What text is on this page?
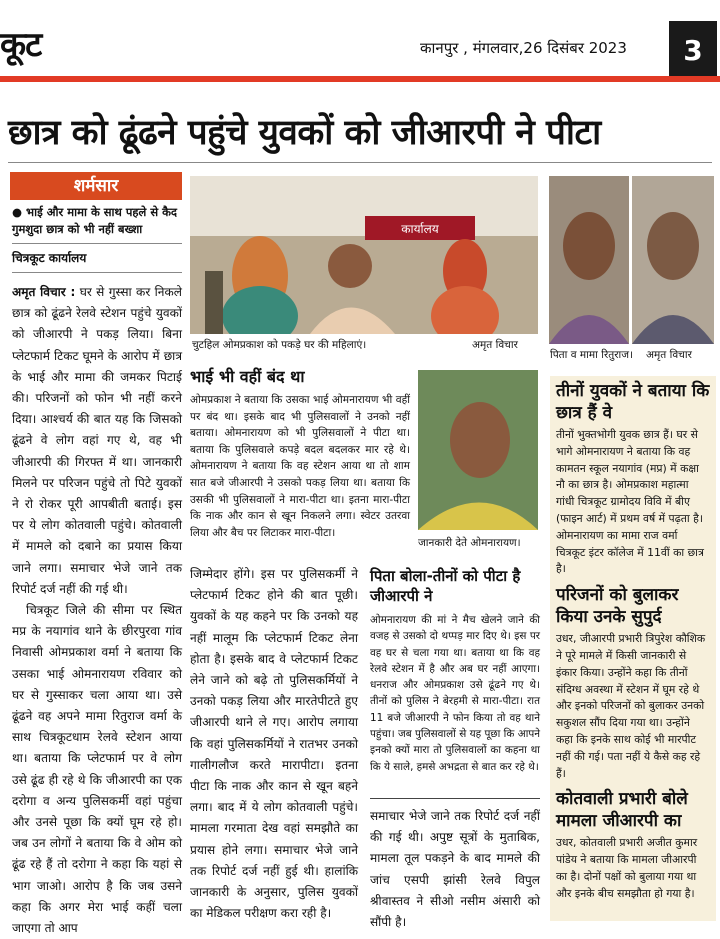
कूट	कानपुर , मंगलवार,26 दिसंबर 2023	3
छात्र को ढूंढने पहुंचे युवकों को जीआरपी ने पीटा
शर्मसार
● भाई और मामा के साथ पहले से कैद गुमशुदा छात्र को भी नहीं बख्शा
चित्रकूट कार्यालय

अमृत विचार : घर से गुस्सा कर निकले छात्र को ढूंढने रेलवे स्टेशन पहुंचे युवकों को जीआरपी ने पकड़ लिया। बिना प्लेटफार्म टिकट घूमने के आरोप में छात्र के भाई और मामा की जमकर पिटाई की। परिजनों को फोन भी नहीं करने दिया। आश्चर्य की बात यह कि जिसको ढूंढने वे लोग वहां गए थे, वह भी जीआरपी की गिरफ्त में था। जानकारी मिलने पर परिजन पहुंचे तो पिटे युवकों ने रो रोकर पूरी आपबीती बताई। इस पर ये लोग कोतवाली पहुंचे। कोतवाली में मामले को दबाने का प्रयास किया जाने लगा। समाचार भेजे जाने तक रिपोर्ट दर्ज नहीं की गई थी।

चित्रकूट जिले की सीमा पर स्थित मप्र के नयागांव थाने के छीरपुरवा गांव निवासी ओमप्रकाश वर्मा ने बताया कि उसका भाई ओमनारायण रविवार को घर से गुस्साकर चला आया था। उसे ढूंढने वह अपने मामा रितुराज वर्मा के साथ चित्रकूटधाम रेलवे स्टेशन आया था। बताया कि प्लेटफार्म पर वे लोग उसे ढूंढ ही रहे थे कि जीआरपी का एक दरोगा व अन्य पुलिसकर्मी वहां पहुंचा और उनसे पूछा कि क्यों घूम रहे हो। जब उन लोगों ने बताया कि वे ओम को ढूंढ रहे हैं तो दरोगा ने कहा कि यहां से भाग जाओ। आरोप है कि जब उसने कहा कि अगर मेरा भाई कहीं चला जाएगा तो आप

कार्यालय
चुटहिल ओमप्रकाश को पकड़े घर की महिलाएं।	अमृत विचार
पिता व मामा रितुराज। अमृत विचार
भाई भी वहीं बंद था
ओमप्रकाश ने बताया कि उसका भाई ओमनारायण भी वहीं पर बंद था। इसके बाद भी पुलिसवालों ने उनको नहीं बताया। ओमनारायण को भी पुलिसवालों ने पीटा था। बताया कि पुलिसवाले कपड़े बदल बदलकर मार रहे थे। ओमनारायण ने बताया कि वह स्टेशन आया था तो शाम सात बजे जीआरपी ने उसको पकड़ लिया था। बताया कि उसकी भी पुलिसवालों ने मारा-पीटा था। इतना मारा-पीटा कि नाक और कान से खून निकलने लगा। स्वेटर उतरवा लिया और बैच पर लिटाकर मारा-पीटा।
जानकारी देते ओमनारायण।
जिम्मेदार होंगे। इस पर पुलिसकर्मी ने प्लेटफार्म टिकट होने की बात पूछी। युवकों के यह कहने पर कि उनको यह नहीं मालूम कि प्लेटफार्म टिकट लेना होता है। इसके बाद वे प्लेटफार्म टिकट लेने जाने को बढ़े तो पुलिसकर्मियों ने उनको पकड़ लिया और मारतेपीटते हुए जीआरपी थाने ले गए। आरोप लगाया कि वहां पुलिसकर्मियों ने रातभर उनको गालीगलौज करते मारापीटा। इतना पीटा कि नाक और कान से खून बहने लगा। बाद में ये लोग कोतवाली पहुंचे। मामला गरमाता देख वहां समझौते का प्रयास होने लगा। समाचार भेजे जाने तक रिपोर्ट दर्ज नहीं हुई थी। हालांकि जानकारी के अनुसार, पुलिस युवकों का मेडिकल परीक्षण करा रही है।
पिता बोला-तीनों को पीटा है जीआरपी ने
ओमनारायण की मां ने मैच खेलने जाने की वजह से उसको दो थप्पड़ मार दिए थे। इस पर वह घर से चला गया था। बताया था कि वह रेलवे स्टेशन में है और अब घर नहीं आएगा। धनराज और ओमप्रकाश उसे ढूंढने गए थे। तीनों को पुलिस ने बेरहमी से मारा-पीटा। रात 11 बजे जीआरपी ने फोन किया तो वह थाने पहुंचा। जब पुलिसवालों से यह पूछा कि आपने इनको क्यों मारा तो पुलिसवालों का कहना था कि ये साले, हमसे अभद्रता से बात कर रहे थे।
समाचार भेजे जाने तक रिपोर्ट दर्ज नहीं की गई थी। अपुष्ट सूत्रों के मुताबिक, मामला तूल पकड़ने के बाद मामले की जांच एसपी झांसी रेलवे विपुल श्रीवास्तव ने सीओ नसीम अंसारी को सौंपी है।
तीनों युवकों ने बताया कि छात्र हैं वे
तीनों भुक्तभोगी युवक छात्र हैं। घर से भागे ओमनारायण ने बताया कि वह कामतन स्कूल नयागांव (मप्र) में कक्षा नौ का छात्र है। ओमप्रकाश महात्मा गांधी चित्रकूट ग्रामोदय विवि में बीए (फाइन आर्ट) में प्रथम वर्ष में पढ़ता है। ओमनारायण का मामा राज वर्मा चित्रकूट इंटर कॉलेज में 11वीं का छात्र है।
परिजनों को बुलाकर किया उनके सुपुर्द
उधर, जीआरपी प्रभारी त्रिपुरेश कौशिक ने पूरे मामले में किसी जानकारी से इंकार किया। उन्होंने कहा कि तीनों संदिग्ध अवस्था में स्टेशन में घूम रहे थे और इनको परिजनों को बुलाकर उनको सकुशल सौंप दिया गया था। उन्होंने कहा कि इनके साथ कोई भी मारपीट नहीं की गई। पता नहीं ये कैसे कह रहे हैं।
कोतवाली प्रभारी बोले मामला जीआरपी का
उधर, कोतवाली प्रभारी अजीत कुमार पांडेय ने बताया कि मामला जीआरपी का है। दोनों पक्षों को बुलाया गया था और इनके बीच समझौता हो गया है।
